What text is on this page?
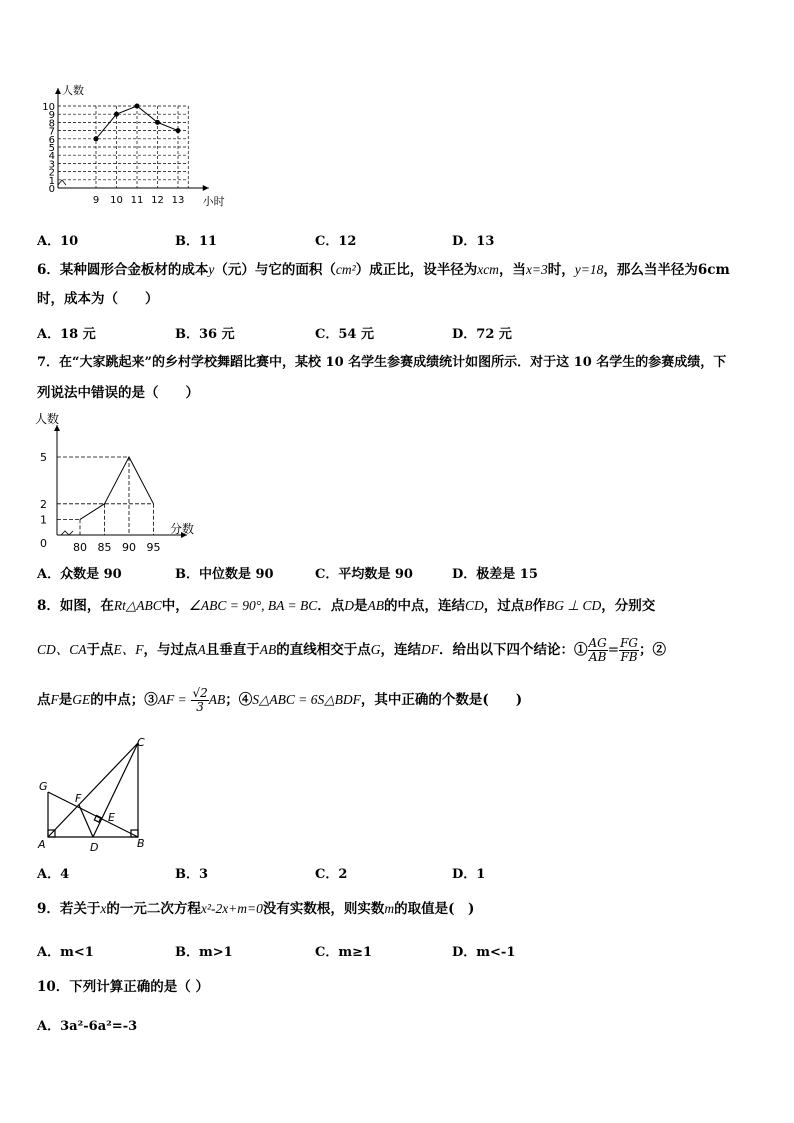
0
1
2
3
4
5
6
7
8
9
10
9 10 11 12 13
人数
小时
A．10	B．11	C．12	D．13
6．某种圆形合金板材的成本y（元）与它的面积（cm²）成正比，设半径为xcm，当x=3时，y=18，那么当半径为6cm
时，成本为（　　）
A．18 元	B．36 元	C．54 元	D．72 元
7．在“大家跳起来”的乡村学校舞蹈比赛中，某校 10 名学生参赛成绩统计如图所示．对于这 10 名学生的参赛成绩，下
列说法中错误的是（　　）
1
2
5
0 80 85 90 95
人数
分数
A．众数是 90	B．中位数是 90	C．平均数是 90	D．极差是 15
8．如图，在Rt△ABC中，∠ABC = 90°, BA = BC．点D是AB的中点，连结CD，过点B作BG ⊥ CD，分别交
CD、CA于点E、F，与过点A且垂直于AB的直线相交于点G，连结DF．给出以下四个结论：① $\frac{AG}{AB} = \frac{FG}{FB}$ ；②
点F是GE的中点；③AF = $\frac{√2}{3}$ AB；④S△ABC = 6S△BDF，其中正确的个数是(　　)
G
F
E
C
A	D	B
A．4	B．3	C．2	D．1
9．若关于x的一元二次方程x²-2x+m=0没有实数根，则实数m的取值是(　)
A．m<1	B．m>1	C．m≥1	D．m<-1
10．下列计算正确的是（ ）
A．3a²-6a²=-3
